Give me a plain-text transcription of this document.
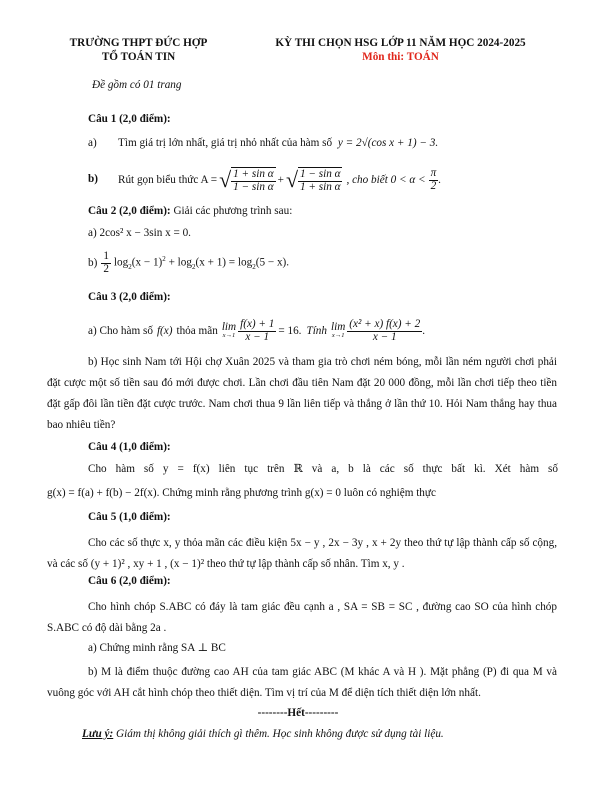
TRƯỜNG THPT ĐỨC HỢP
TỔ TOÁN TIN
KỲ THI CHỌN HSG LỚP 11 NĂM HỌC 2024-2025
Môn thi: TOÁN
Đề gồm có 01 trang
Câu 1 (2,0 điểm):
a) Tìm giá trị lớn nhất, giá trị nhỏ nhất của hàm số y = 2√(cos x + 1) − 3.
b) Rút gọn biểu thức A = √ $\frac{\text{1 + sin α}}{\text{1 − sin α}}$ + √ $\frac{\text{1 − sin α}}{\text{1 + sin α}}$ , cho biết $0 < \alpha < \frac{\pi}{2}$ .
Câu 2 (2,0 điểm): Giải các phương trình sau:
a) 2cos² x − 3sin x = 0.
$b) \frac{1}{2} \log_2(x - 1)^2 + \log_2(x + 1) = \log_2(5 - x)$.
Câu 3 (2,0 điểm):
a) Cho hàm số f(x) thỏa mãn lim
$x\to 1 \frac{f(x) + 1}{x - 1} = 16$. Tính lim
$x\to 1 \frac{\text{(x² + x) f(x) + 2}}{x - 1}$ .
b) Học sinh Nam tới Hội chợ Xuân 2025 và tham gia trò chơi ném bóng, mỗi lần ném người chơi phải đặt cược một số tiền sau đó mới được chơi. Lần chơi đầu tiên Nam đặt 20 000 đồng, mỗi lần chơi tiếp theo tiền đặt gấp đôi lần tiền đặt cược trước. Nam chơi thua 9 lần liên tiếp và thắng ở lần thứ 10. Hỏi Nam thắng hay thua bao nhiêu tiền?
Câu 4 (1,0 điểm):
Cho hàm số y = f(x) liên tục trên ℝ và a, b là các số thực bất kì. Xét hàm số
g(x) = f(a) + f(b) − 2f(x). Chứng minh rằng phương trình g(x) = 0 luôn có nghiệm thực
Câu 5 (1,0 điểm):
Cho các số thực x, y thỏa mãn các điều kiện 5x − y , 2x − 3y , x + 2y theo thứ tự lập thành cấp số cộng, và các số (y + 1)² , xy + 1 , (x − 1)² theo thứ tự lập thành cấp số nhân. Tìm x, y .
Câu 6 (2,0 điểm):
Cho hình chóp S.ABC có đáy là tam giác đều cạnh a , SA = SB = SC , đường cao SO của hình chóp S.ABC có độ dài bằng 2a .
a) Chứng minh rằng SA ⊥ BC
b) M là điểm thuộc đường cao AH của tam giác ABC (M khác A và H ). Mặt phẳng (P) đi qua M và vuông góc với AH cắt hình chóp theo thiết diện. Tìm vị trí của M để diện tích thiết diện lớn nhất.
--------Hết---------
Lưu ý: Giám thị không giải thích gì thêm. Học sinh không được sử dụng tài liệu.
